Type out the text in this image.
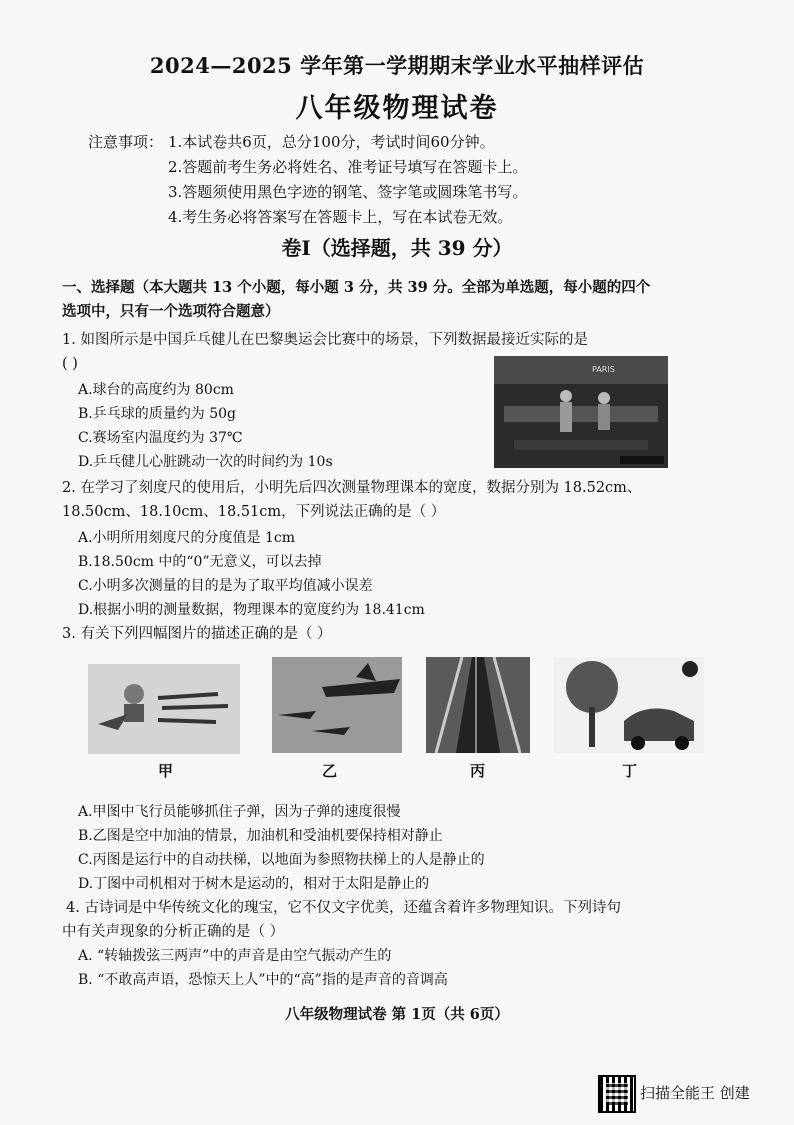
2024—2025 学年第一学期期末学业水平抽样评估
八年级物理试卷
注意事项： 1.本试卷共6页，总分100分，考试时间60分钟。
2.答题前考生务必将姓名、准考证号填写在答题卡上。
3.答题须使用黑色字迹的钢笔、签字笔或圆珠笔书写。
4.考生务必将答案写在答题卡上，写在本试卷无效。
卷Ⅰ（选择题，共 39 分）
一、选择题（本大题共 13 个小题，每小题 3 分，共 39 分。全部为单选题，每小题的四个
选项中，只有一个选项符合题意）
1. 如图所示是中国乒乓健儿在巴黎奥运会比赛中的场景，下列数据最接近实际的是
( )
A.球台的高度约为 80cm
B.乒乓球的质量约为 50g
C.赛场室内温度约为 37℃
D.乒乓健儿心脏跳动一次的时间约为 10s
PARIS
2. 在学习了刻度尺的使用后，小明先后四次测量物理课本的宽度，数据分别为 18.52cm、
18.50cm、18.10cm、18.51cm，下列说法正确的是（ ）
A.小明所用刻度尺的分度值是 1cm
B.18.50cm 中的“0”无意义，可以去掉
C.小明多次测量的目的是为了取平均值减小误差
D.根据小明的测量数据，物理课本的宽度约为 18.41cm
3. 有关下列四幅图片的描述正确的是（ ）
甲	乙	丙	丁
A.甲图中飞行员能够抓住子弹，因为子弹的速度很慢
B.乙图是空中加油的情景，加油机和受油机要保持相对静止
C.丙图是运行中的自动扶梯，以地面为参照物扶梯上的人是静止的
D.丁图中司机相对于树木是运动的，相对于太阳是静止的
4. 古诗词是中华传统文化的瑰宝，它不仅文字优美，还蕴含着许多物理知识。下列诗句
中有关声现象的分析正确的是（ ）
A. “转轴拨弦三两声”中的声音是由空气振动产生的
B. “不敢高声语，恐惊天上人”中的“高”指的是声音的音调高
八年级物理试卷 第 1页（共 6页）
扫描全能王 创建
